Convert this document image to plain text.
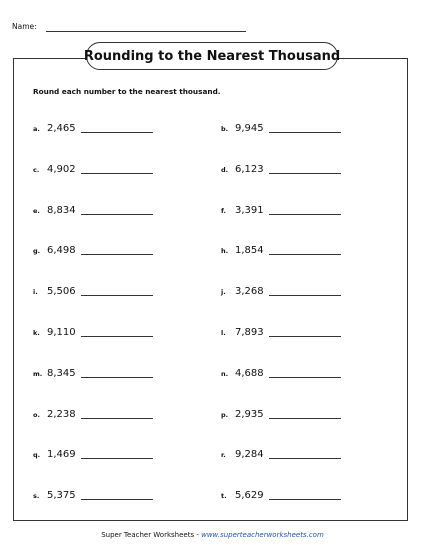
Name:
Rounding to the Nearest Thousand
Round each number to the nearest thousand.
a. 2,465	b. 9,945
c. 4,902	d. 6,123
e. 8,834	f. 3,391
g. 6,498	h. 1,854
i. 5,506	j. 3,268
k. 9,110	l. 7,893
m. 8,345	n. 4,688
o. 2,238	p. 2,935
q. 1,469	r. 9,284
s. 5,375	t. 5,629
Super Teacher Worksheets - www.superteacherworksheets.com
